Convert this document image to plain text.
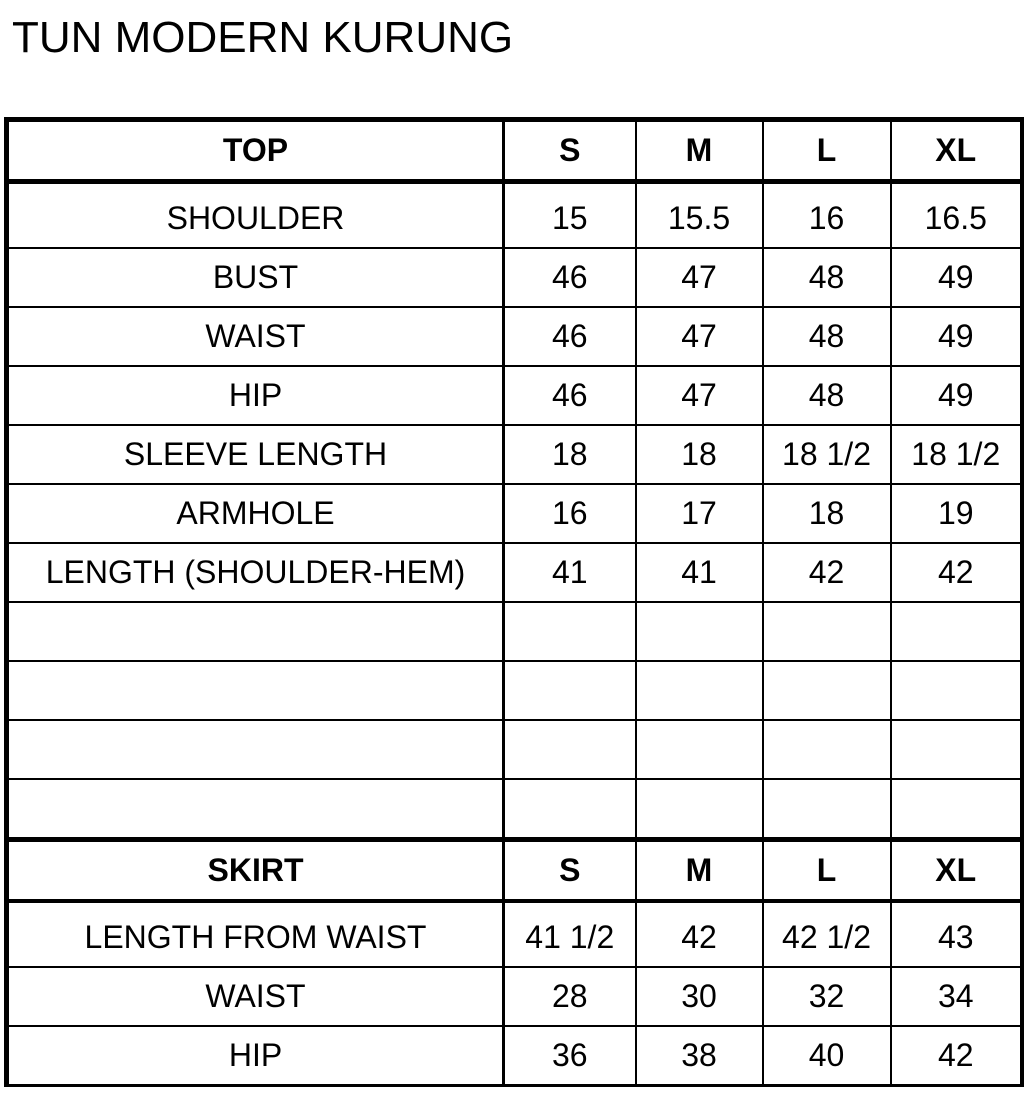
TUN MODERN KURUNG
TOP	S	M	L	XL
SHOULDER	15	15.5	16	16.5
BUST	46	47	48	49
WAIST	46	47	48	49
HIP	46	47	48	49
SLEEVE LENGTH	18	18	18 1/2	18 1/2
ARMHOLE	16	17	18	19
LENGTH (SHOULDER-HEM)	41	41	42	42

SKIRT	S	M	L	XL
LENGTH FROM WAIST	41 1/2	42	42 1/2	43
WAIST	28	30	32	34
HIP	36	38	40	42
